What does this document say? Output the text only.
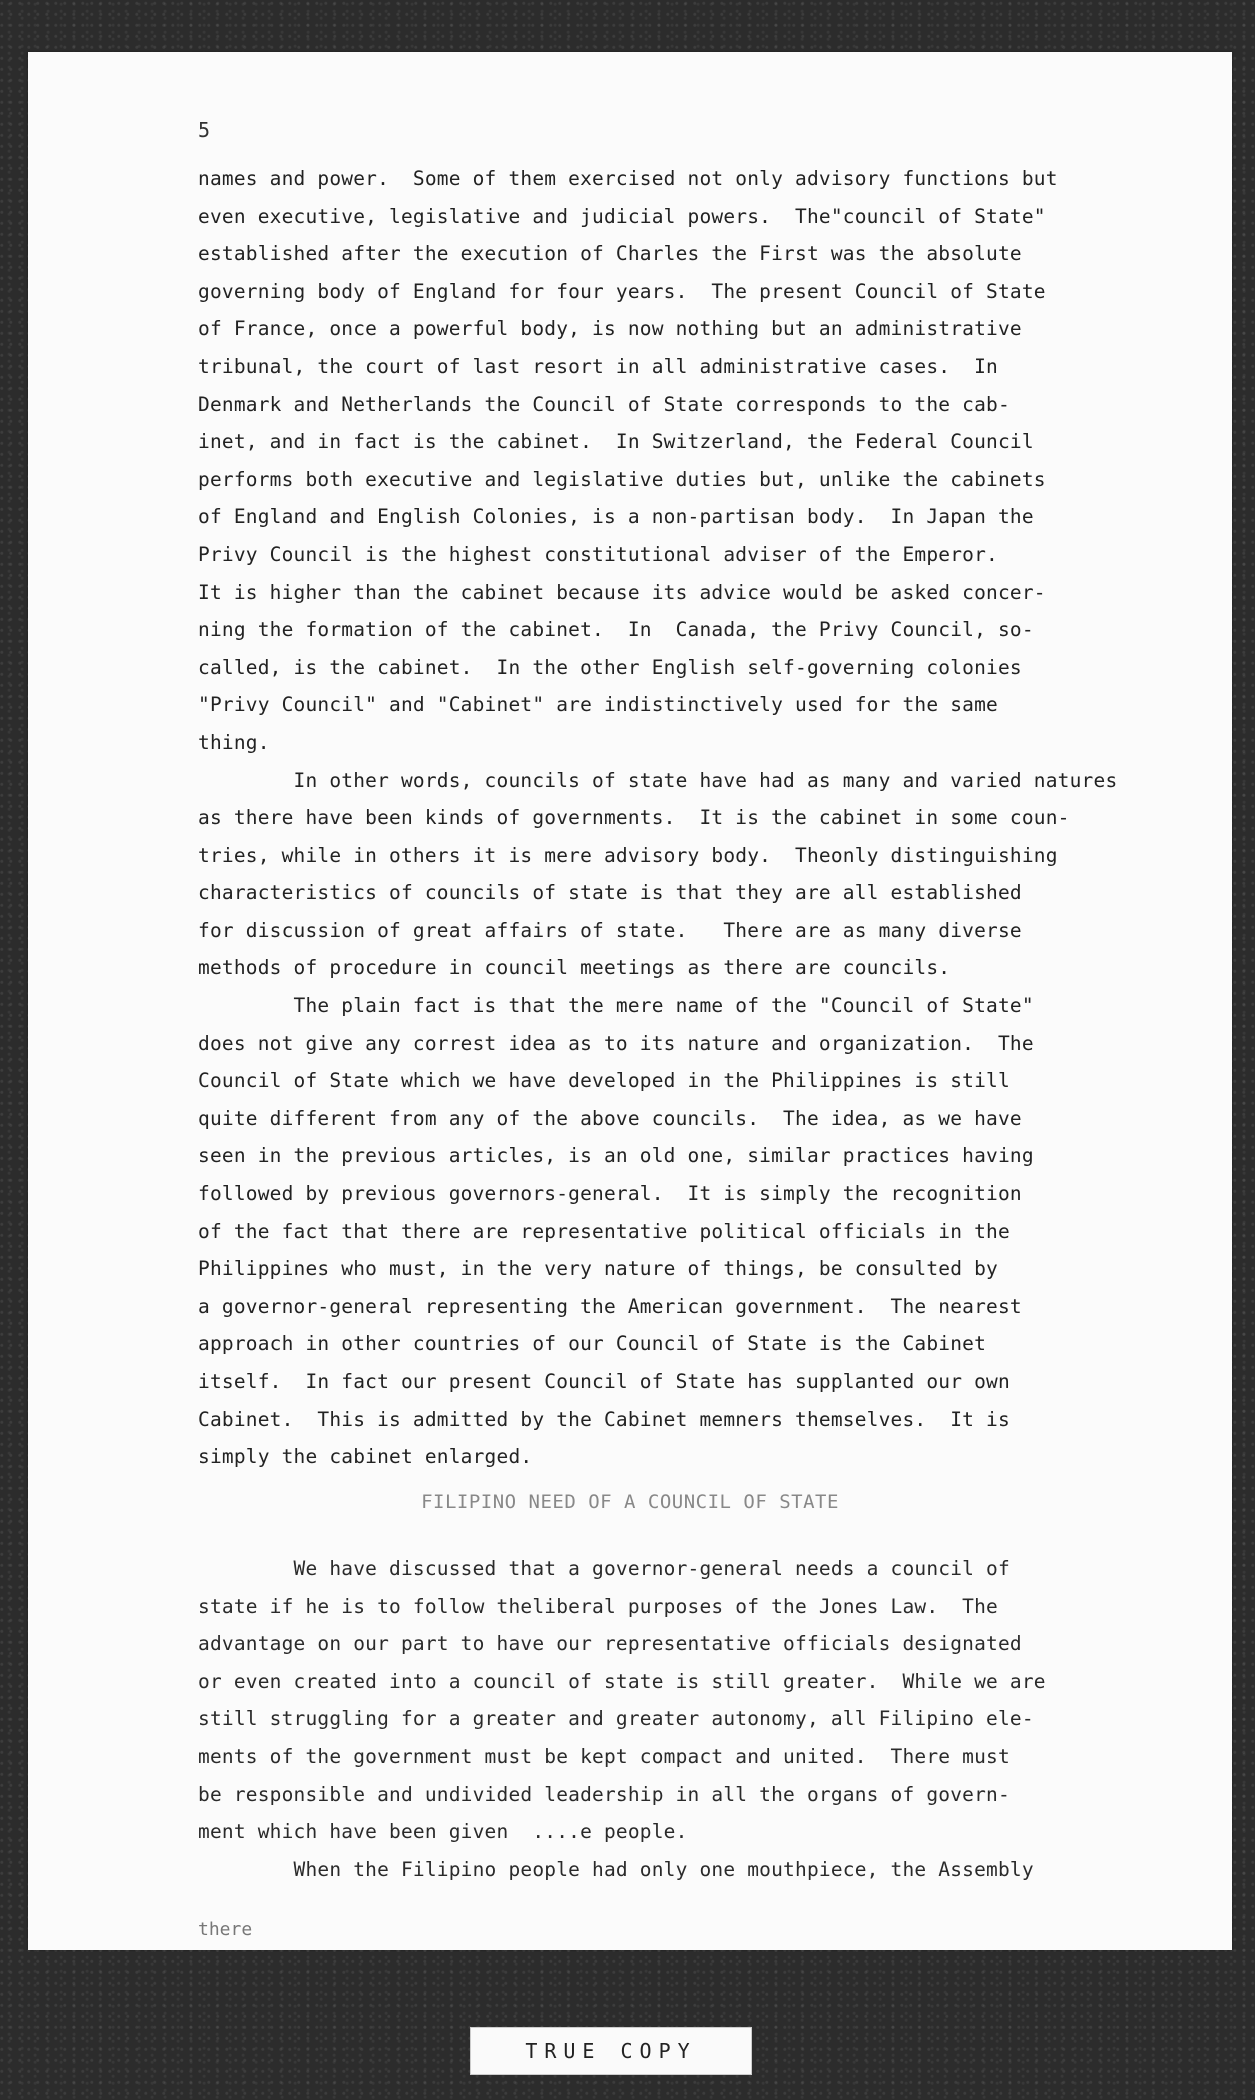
5

names and power.  Some of them exercised not only advisory functions but

even executive, legislative and judicial powers.  The"council of State"

established after the execution of Charles the First was the absolute

governing body of England for four years.  The present Council of State

of France, once a powerful body, is now nothing but an administrative

tribunal, the court of last resort in all administrative cases.  In

Denmark and Netherlands the Council of State corresponds to the cab-

inet, and in fact is the cabinet.  In Switzerland, the Federal Council

performs both executive and legislative duties but, unlike the cabinets

of England and English Colonies, is a non-partisan body.  In Japan the

Privy Council is the highest constitutional adviser of the Emperor.

It is higher than the cabinet because its advice would be asked concer-

ning the formation of the cabinet.  In  Canada, the Privy Council, so-

called, is the cabinet.  In the other English self-governing colonies

"Privy Council" and "Cabinet" are indistinctively used for the same

thing.

In other words, councils of state have had as many and varied natures

as there have been kinds of governments.  It is the cabinet in some coun-

tries, while in others it is mere advisory body.  Theonly distinguishing

characteristics of councils of state is that they are all established

for discussion of great affairs of state.   There are as many diverse

methods of procedure in council meetings as there are councils.

The plain fact is that the mere name of the "Council of State"

does not give any correst idea as to its nature and organization.  The

Council of State which we have developed in the Philippines is still

quite different from any of the above councils.  The idea, as we have

seen in the previous articles, is an old one, similar practices having

followed by previous governors-general.  It is simply the recognition

of the fact that there are representative political officials in the

Philippines who must, in the very nature of things, be consulted by

a governor-general representing the American government.  The nearest

approach in other countries of our Council of State is the Cabinet

itself.  In fact our present Council of State has supplanted our own

Cabinet.  This is admitted by the Cabinet memners themselves.  It is

simply the cabinet enlarged.

FILIPINO NEED OF A COUNCIL OF STATE

We have discussed that a governor-general needs a council of

state if he is to follow theliberal purposes of the Jones Law.  The

advantage on our part to have our representative officials designated

or even created into a council of state is still greater.  While we are

still struggling for a greater and greater autonomy, all Filipino ele-

ments of the government must be kept compact and united.  There must

be responsible and undivided leadership in all the organs of govern-

ment which have been given  ....e people.

When the Filipino people had only one mouthpiece, the Assembly

there

TRUE COPY
